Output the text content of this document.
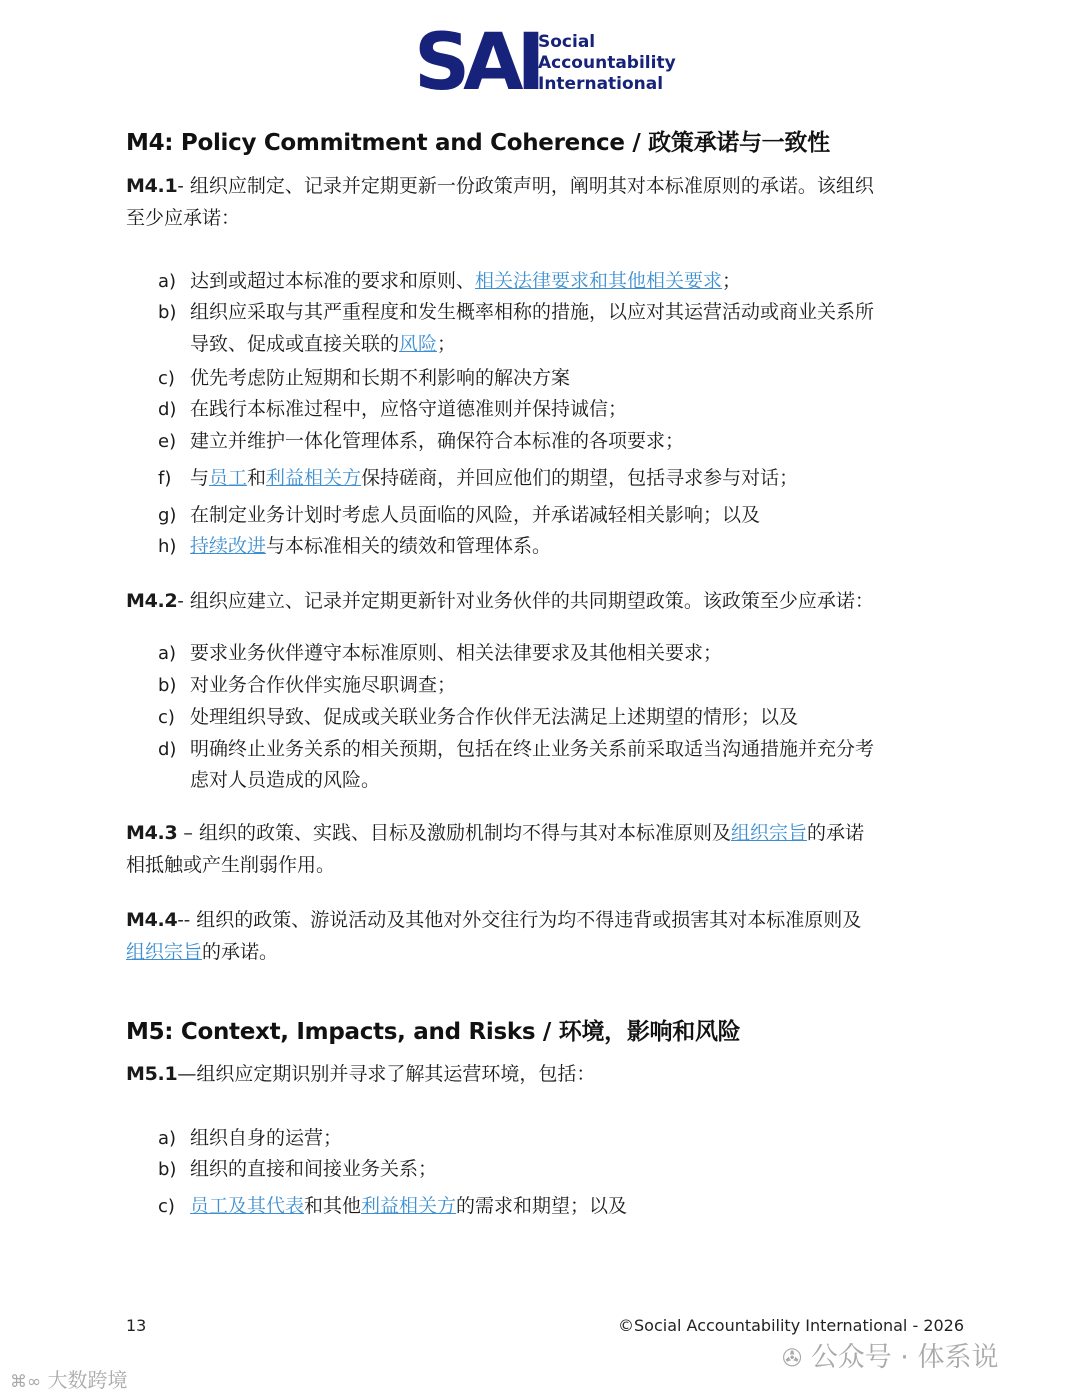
SAI Social
Accountability
International
M4: Policy Commitment and Coherence / 政策承诺与一致性
M4.1- 组织应制定、记录并定期更新一份政策声明，阐明其对本标准原则的承诺。该组织
至少应承诺：
a) 达到或超过本标准的要求和原则、相关法律要求和其他相关要求；
b) 组织应采取与其严重程度和发生概率相称的措施，以应对其运营活动或商业关系所
导致、促成或直接关联的风险；
c) 优先考虑防止短期和长期不利影响的解决方案
d) 在践行本标准过程中，应恪守道德准则并保持诚信；
e) 建立并维护一体化管理体系，确保符合本标准的各项要求；
f) 与员工和利益相关方保持磋商，并回应他们的期望，包括寻求参与对话；
g) 在制定业务计划时考虑人员面临的风险，并承诺减轻相关影响；以及
h) 持续改进与本标准相关的绩效和管理体系。
M4.2- 组织应建立、记录并定期更新针对业务伙伴的共同期望政策。该政策至少应承诺：
a) 要求业务伙伴遵守本标准原则、相关法律要求及其他相关要求；
b) 对业务合作伙伴实施尽职调查；
c) 处理组织导致、促成或关联业务合作伙伴无法满足上述期望的情形；以及
d) 明确终止业务关系的相关预期，包括在终止业务关系前采取适当沟通措施并充分考
虑对人员造成的风险。
M4.3 – 组织的政策、实践、目标及激励机制均不得与其对本标准原则及组织宗旨的承诺
相抵触或产生削弱作用。
M4.4-- 组织的政策、游说活动及其他对外交往行为均不得违背或损害其对本标准原则及
组织宗旨的承诺。
M5: Context, Impacts, and Risks / 环境，影响和风险
M5.1—组织应定期识别并寻求了解其运营环境，包括：
a) 组织自身的运营；
b) 组织的直接和间接业务关系；
c) 员工及其代表和其他利益相关方的需求和期望；以及
13	©Social Accountability International - 2026
⌘∞ 大数跨境
✇ 公众号 · 体系说
